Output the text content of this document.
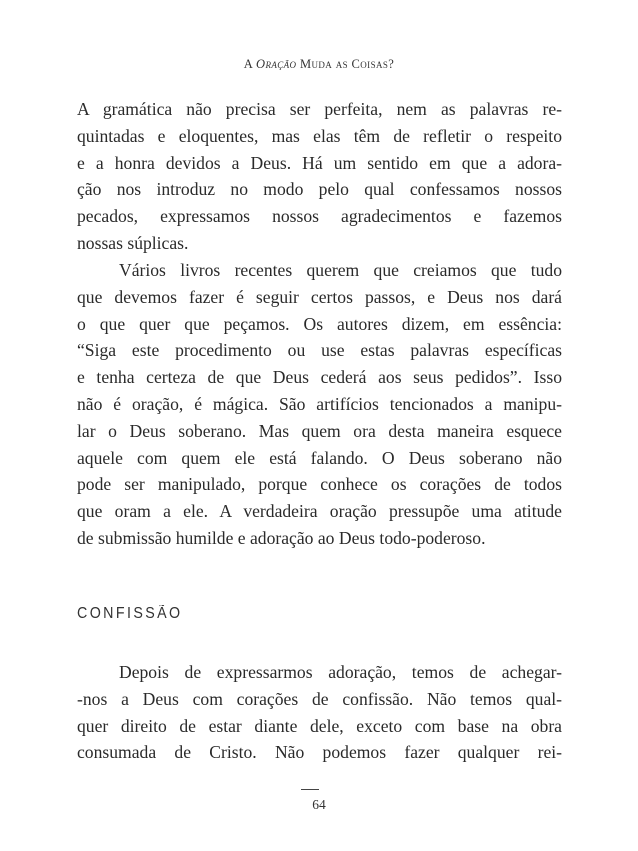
A Oração Muda as Coisas?
A gramática não precisa ser perfeita, nem as palavras re-
quintadas e eloquentes, mas elas têm de refletir o respeito
e a honra devidos a Deus. Há um sentido em que a adora-
ção nos introduz no modo pelo qual confessamos nossos
pecados, expressamos nossos agradecimentos e fazemos
nossas súplicas.
Vários livros recentes querem que creiamos que tudo
que devemos fazer é seguir certos passos, e Deus nos dará
o que quer que peçamos. Os autores dizem, em essência:
“Siga este procedimento ou use estas palavras específicas
e tenha certeza de que Deus cederá aos seus pedidos”. Isso
não é oração, é mágica. São artifícios tencionados a manipu-
lar o Deus soberano. Mas quem ora desta maneira esquece
aquele com quem ele está falando. O Deus soberano não
pode ser manipulado, porque conhece os corações de todos
que oram a ele. A verdadeira oração pressupõe uma atitude
de submissão humilde e adoração ao Deus todo-poderoso.
CONFISSÃO
Depois de expressarmos adoração, temos de achegar-
-nos a Deus com corações de confissão. Não temos qual-
quer direito de estar diante dele, exceto com base na obra
consumada de Cristo. Não podemos fazer qualquer rei-
64
